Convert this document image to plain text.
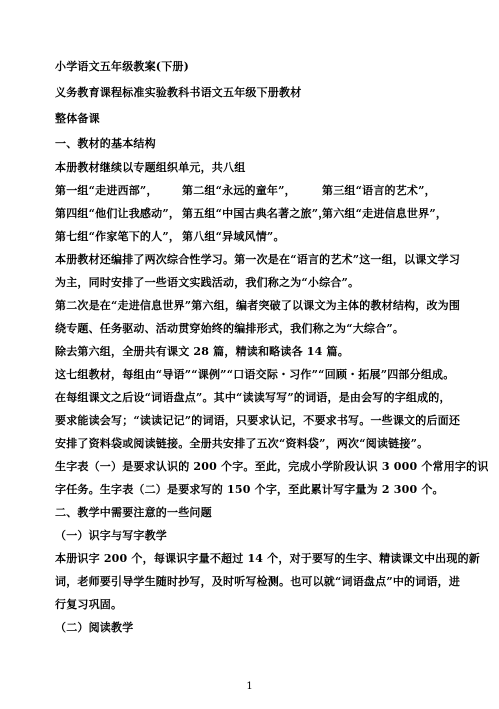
小学语文五年级教案(下册)
义务教育课程标准实验教科书语文五年级下册教材
整体备课
一、教材的基本结构
本册教材继续以专题组织单元，共八组
第一组“走进西部”， 第二组“永远的童年”， 第三组“语言的艺术”，
第四组“他们让我感动”， 第五组“中国古典名著之旅”，
第六组“走进信息世界”，
第七组“作家笔下的人”， 第八组“异域风情”。
本册教材还编排了两次综合性学习。第一次是在“语言的艺术”这一组，以课文学习
为主，同时安排了一些语文实践活动，我们称之为“小综合”。
第二次是在“走进信息世界”第六组，编者突破了以课文为主体的教材结构，改为围
绕专题、任务驱动、活动贯穿始终的编排形式，我们称之为“大综合”。
除去第六组，全册共有课文 28 篇，精读和略读各 14 篇。
这七组教材，每组由“导语”“课例”“口语交际・习作”“回顾・拓展”四部分组成。
在每组课文之后设“词语盘点”。其中“读读写写”的词语，是由会写的字组成的，
要求能读会写；“读读记记”的词语，只要求认记，不要求书写。一些课文的后面还
安排了资料袋或阅读链接。全册共安排了五次“资料袋”，两次“阅读链接”。
生字表（一）是要求认识的 200 个字。至此，完成小学阶段认识 3 000 个常用字的识
字任务。生字表（二）是要求写的 150 个字，至此累计写字量为 2 300 个。
二、教学中需要注意的一些问题
（一）识字与写字教学
本册识字 200 个，每课识字量不超过 14 个，对于要写的生字、精读课文中出现的新
词，老师要引导学生随时抄写，及时听写检测。也可以就“词语盘点”中的词语，进
行复习巩固。
（二）阅读教学
1
